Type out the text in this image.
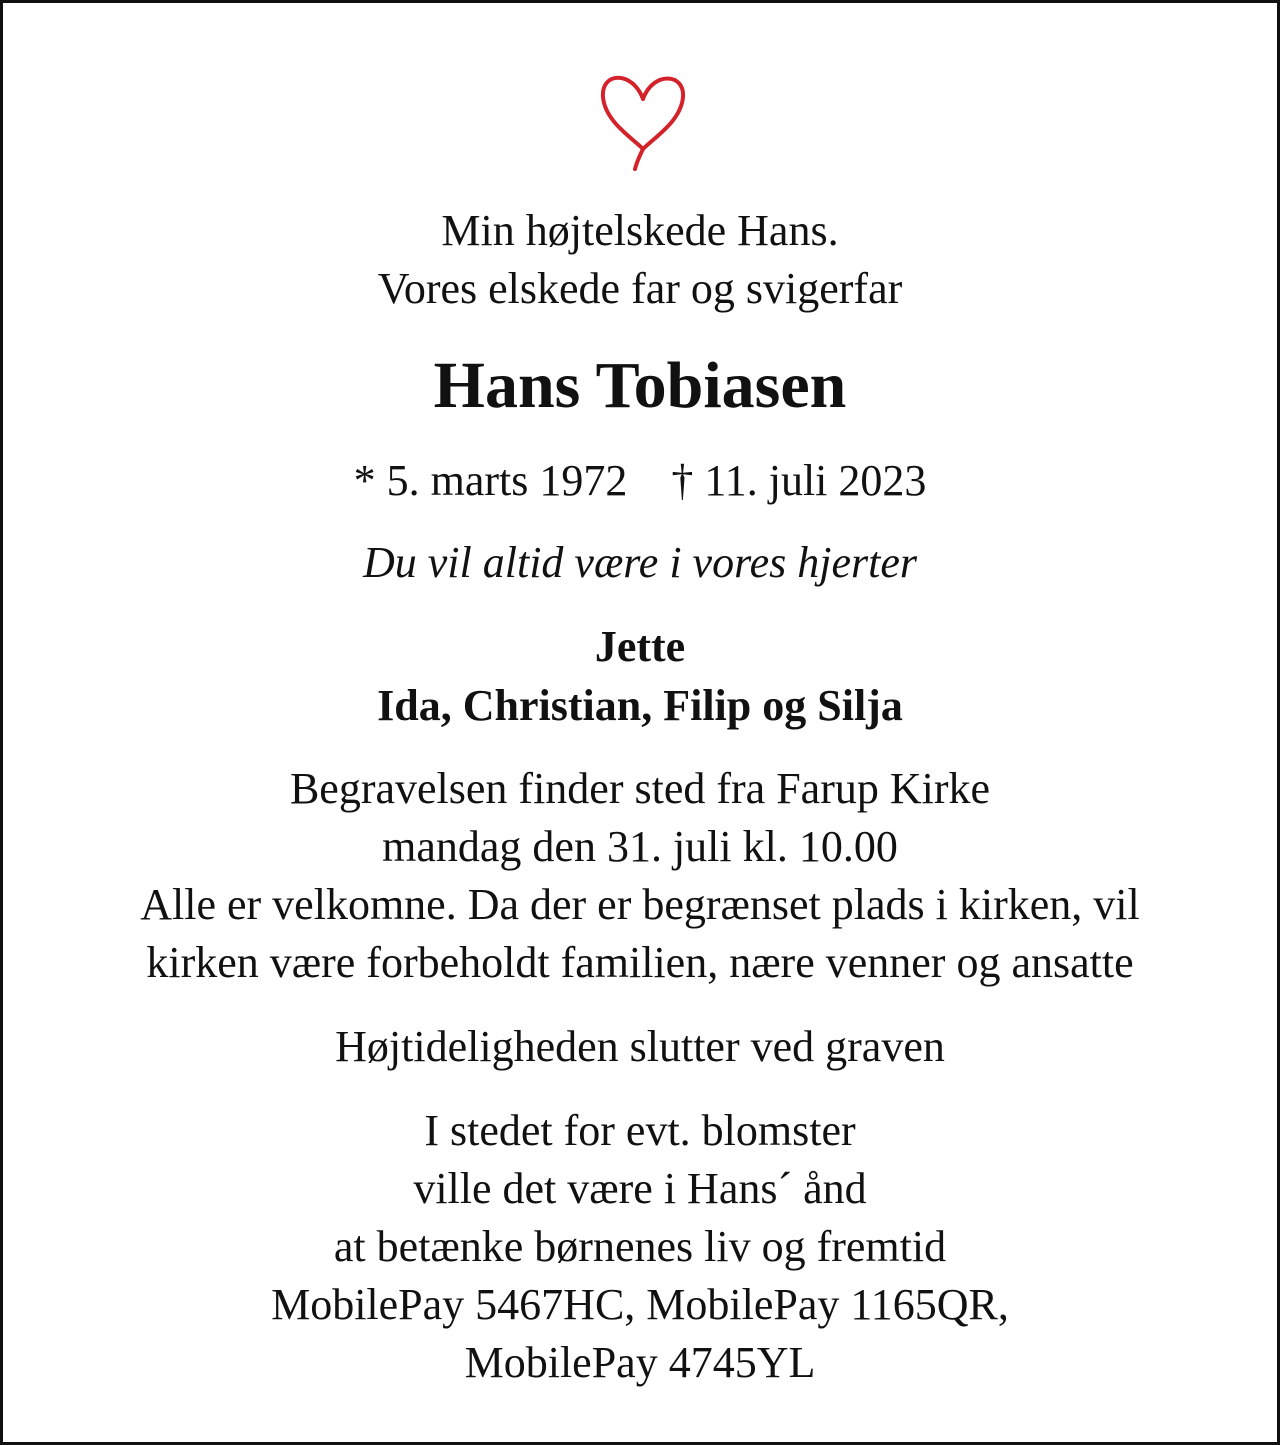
Min højtelskede Hans.
Vores elskede far og svigerfar
Hans Tobiasen
* 5. marts 1972 † 11. juli 2023
Du vil altid være i vores hjerter
Jette
Ida, Christian, Filip og Silja
Begravelsen finder sted fra Farup Kirke
mandag den 31. juli kl. 10.00
Alle er velkomne. Da der er begrænset plads i kirken, vil
kirken være forbeholdt familien, nære venner og ansatte
Højtideligheden slutter ved graven
I stedet for evt. blomster
ville det være i Hans´ ånd
at betænke børnenes liv og fremtid
MobilePay 5467HC, MobilePay 1165QR,
MobilePay 4745YL
